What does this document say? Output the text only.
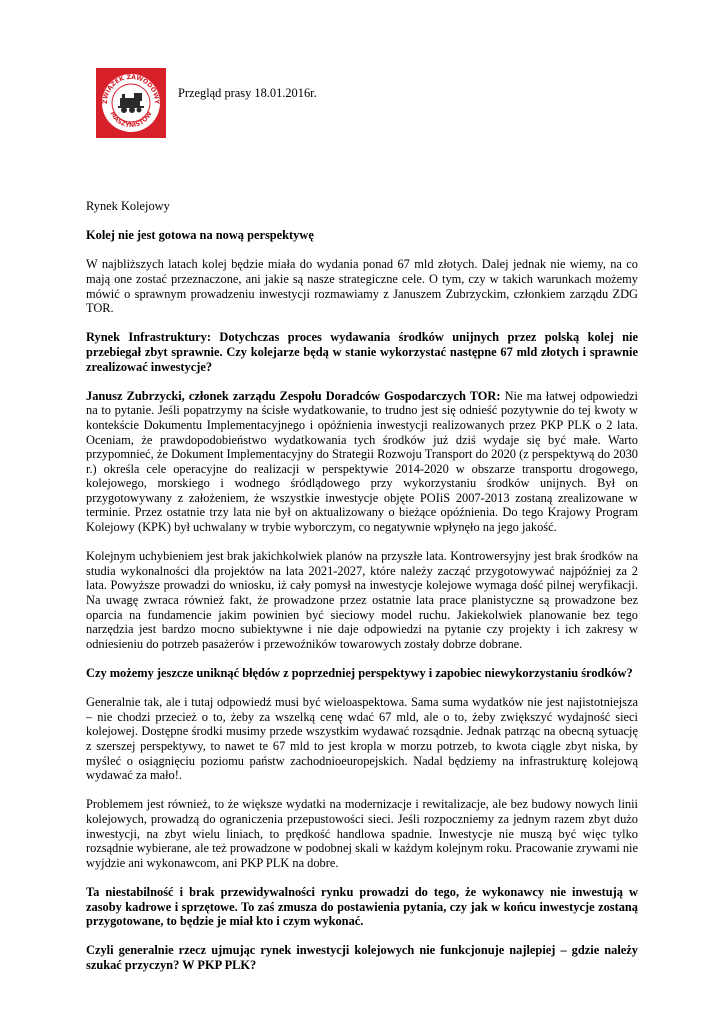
ZWIĄZEK ZAWODOWY
MASZYNISTÓW
Przegląd prasy 18.01.2016r.

Rynek Kolejowy

Kolej nie jest gotowa na nową perspektywę

W najbliższych latach kolej będzie miała do wydania ponad 67 mld złotych. Dalej jednak nie wiemy, na co mają one zostać przeznaczone, ani jakie są nasze strategiczne cele. O tym, czy w takich warunkach możemy mówić o sprawnym prowadzeniu inwestycji rozmawiamy z Januszem Zubrzyckim, członkiem zarządu ZDG TOR.

Rynek Infrastruktury: Dotychczas proces wydawania środków unijnych przez polską kolej nie przebiegał zbyt sprawnie. Czy kolejarze będą w stanie wykorzystać następne 67 mld złotych i sprawnie zrealizować inwestycje?

Janusz Zubrzycki, członek zarządu Zespołu Doradców Gospodarczych TOR: Nie ma łatwej odpowiedzi na to pytanie. Jeśli popatrzymy na ścisłe wydatkowanie, to trudno jest się odnieść pozytywnie do tej kwoty w kontekście Dokumentu Implementacyjnego i opóźnienia inwestycji realizowanych przez PKP PLK o 2 lata. Oceniam, że prawdopodobieństwo wydatkowania tych środków już dziś wydaje się być małe. Warto przypomnieć, że Dokument Implementacyjny do Strategii Rozwoju Transport do 2020 (z perspektywą do 2030 r.) określa cele operacyjne do realizacji w perspektywie 2014-2020 w obszarze transportu drogowego, kolejowego, morskiego i wodnego śródlądowego przy wykorzystaniu środków unijnych. Był on przygotowywany z założeniem, że wszystkie inwestycje objęte POIiS 2007-2013 zostaną zrealizowane w terminie. Przez ostatnie trzy lata nie był on aktualizowany o bieżące opóźnienia. Do tego Krajowy Program Kolejowy (KPK) był uchwalany w trybie wyborczym, co negatywnie wpłynęło na jego jakość.

Kolejnym uchybieniem jest brak jakichkolwiek planów na przyszłe lata. Kontrowersyjny jest brak środków na studia wykonalności dla projektów na lata 2021-2027, które należy zacząć przygotowywać najpóźniej za 2 lata. Powyższe prowadzi do wniosku, iż cały pomysł na inwestycje kolejowe wymaga dość pilnej weryfikacji. Na uwagę zwraca również fakt, że prowadzone przez ostatnie lata prace planistyczne są prowadzone bez oparcia na fundamencie jakim powinien być sieciowy model ruchu. Jakiekolwiek planowanie bez tego narzędzia jest bardzo mocno subiektywne i nie daje odpowiedzi na pytanie czy projekty i ich zakresy w odniesieniu do potrzeb pasażerów i przewoźników towarowych zostały dobrze dobrane.

Czy możemy jeszcze uniknąć błędów z poprzedniej perspektywy i zapobiec niewykorzystaniu środków?

Generalnie tak, ale i tutaj odpowiedź musi być wieloaspektowa. Sama suma wydatków nie jest najistotniejsza – nie chodzi przecież o to, żeby za wszelką cenę wdać 67 mld, ale o to, żeby zwiększyć wydajność sieci kolejowej. Dostępne środki musimy przede wszystkim wydawać rozsądnie. Jednak patrząc na obecną sytuację z szerszej perspektywy, to nawet te 67 mld to jest kropla w morzu potrzeb, to kwota ciągle zbyt niska, by myśleć o osiągnięciu poziomu państw zachodnioeuropejskich. Nadal będziemy na infrastrukturę kolejową wydawać za mało!.

Problemem jest również, to że większe wydatki na modernizacje i rewitalizacje, ale bez budowy nowych linii kolejowych, prowadzą do ograniczenia przepustowości sieci. Jeśli rozpoczniemy za jednym razem zbyt dużo inwestycji, na zbyt wielu liniach, to prędkość handlowa spadnie. Inwestycje nie muszą być więc tylko rozsądnie wybierane, ale też prowadzone w podobnej skali w każdym kolejnym roku. Pracowanie zrywami nie wyjdzie ani wykonawcom, ani PKP PLK na dobre.

Ta niestabilność i brak przewidywalności rynku prowadzi do tego, że wykonawcy nie inwestują w zasoby kadrowe i sprzętowe. To zaś zmusza do postawienia pytania, czy jak w końcu inwestycje zostaną przygotowane, to będzie je miał kto i czym wykonać.

Czyli generalnie rzecz ujmując rynek inwestycji kolejowych nie funkcjonuje najlepiej – gdzie należy szukać przyczyn? W PKP PLK?
